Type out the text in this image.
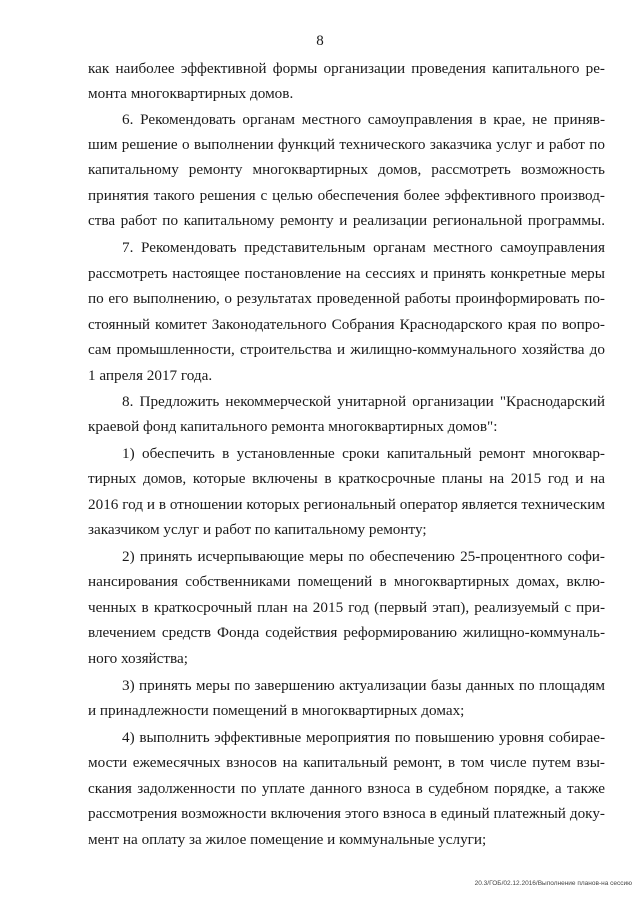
8
как наиболее эффективной формы организации проведения капитального ре-
монта многоквартирных домов.
6. Рекомендовать органам местного самоуправления в крае, не приняв-
шим решение о выполнении функций технического заказчика услуг и работ по
капитальному ремонту многоквартирных домов, рассмотреть возможность
принятия такого решения с целью обеспечения более эффективного производ-
ства работ по капитальному ремонту и реализации региональной программы.
7. Рекомендовать представительным органам местного самоуправления
рассмотреть настоящее постановление на сессиях и принять конкретные меры
по его выполнению, о результатах проведенной работы проинформировать по-
стоянный комитет Законодательного Собрания Краснодарского края по вопро-
сам промышленности, строительства и жилищно-коммунального хозяйства до
1 апреля 2017 года.
8. Предложить некоммерческой унитарной организации "Краснодарский
краевой фонд капитального ремонта многоквартирных домов":
1) обеспечить в установленные сроки капитальный ремонт многоквар-
тирных домов, которые включены в краткосрочные планы на 2015 год и на
2016 год и в отношении которых региональный оператор является техническим
заказчиком услуг и работ по капитальному ремонту;
2) принять исчерпывающие меры по обеспечению 25-процентного софи-
нансирования собственниками помещений в многоквартирных домах, вклю-
ченных в краткосрочный план на 2015 год (первый этап), реализуемый с при-
влечением средств Фонда содействия реформированию жилищно-коммуналь-
ного хозяйства;
3) принять меры по завершению актуализации базы данных по площадям
и принадлежности помещений в многоквартирных домах;
4) выполнить эффективные мероприятия по повышению уровня собирае-
мости ежемесячных взносов на капитальный ремонт, в том числе путем взы-
скания задолженности по уплате данного взноса в судебном порядке, а также
рассмотрения возможности включения этого взноса в единый платежный доку-
мент на оплату за жилое помещение и коммунальные услуги;
20.3/ГОБ/02.12.2016/Выполнение планов-на сессию
